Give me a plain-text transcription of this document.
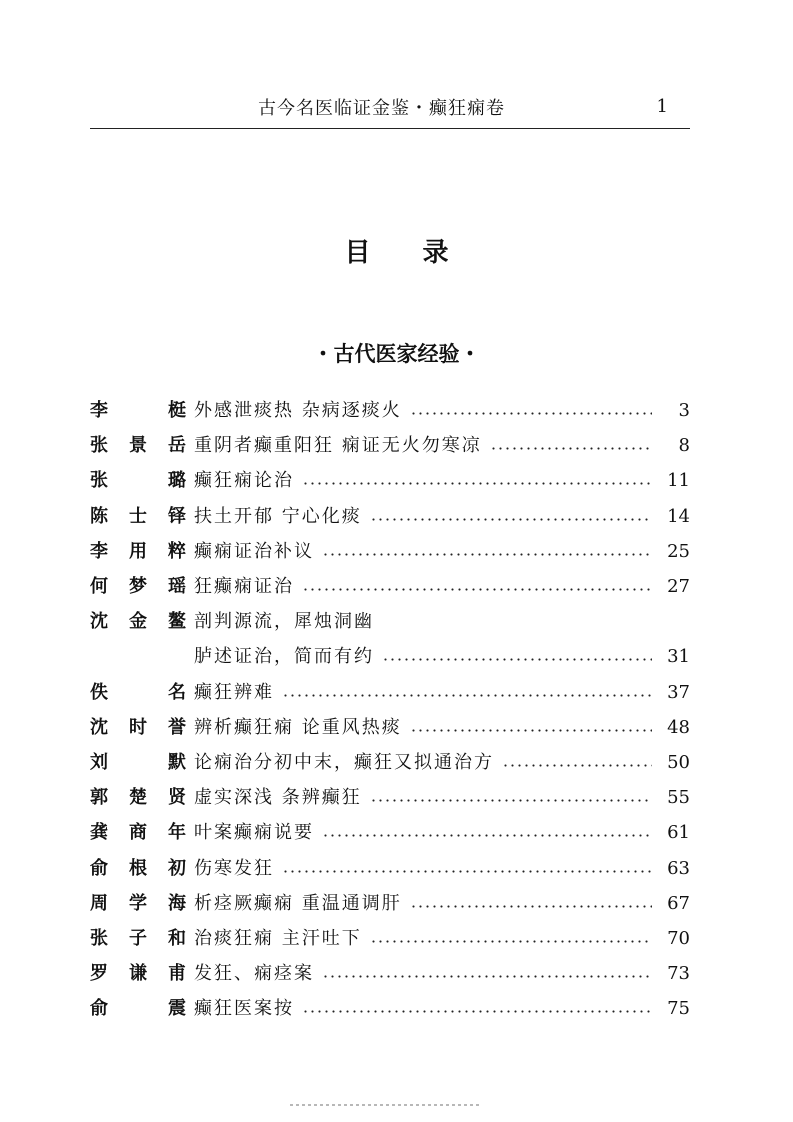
古今名医临证金鉴・癫狂痫卷	1
目录
・古代医家经验・
李 梃 外感泄痰热 杂病逐痰火	3
张景岳 重阴者癫重阳狂 痫证无火勿寒凉	8
张 璐 癫狂痫论治	11
陈士铎 扶土开郁 宁心化痰	14
李用粹 癫痫证治补议	25
何梦瑶 狂癫痫证治	27
沈金鳌 剖判源流，犀烛洞幽
胪述证治，简而有约	31
佚 名 癫狂辨难	37
沈时誉 辨析癫狂痫 论重风热痰	48
刘 默 论痫治分初中末，癫狂又拟通治方	50
郭楚贤 虚实深浅 条辨癫狂	55
龚商年 叶案癫痫说要	61
俞根初 伤寒发狂	63
周学海 析痉厥癫痫 重温通调肝	67
张子和 治痰狂痫 主汗吐下	70
罗谦甫 发狂、痫痉案	73
俞 震 癫狂医案按	75
